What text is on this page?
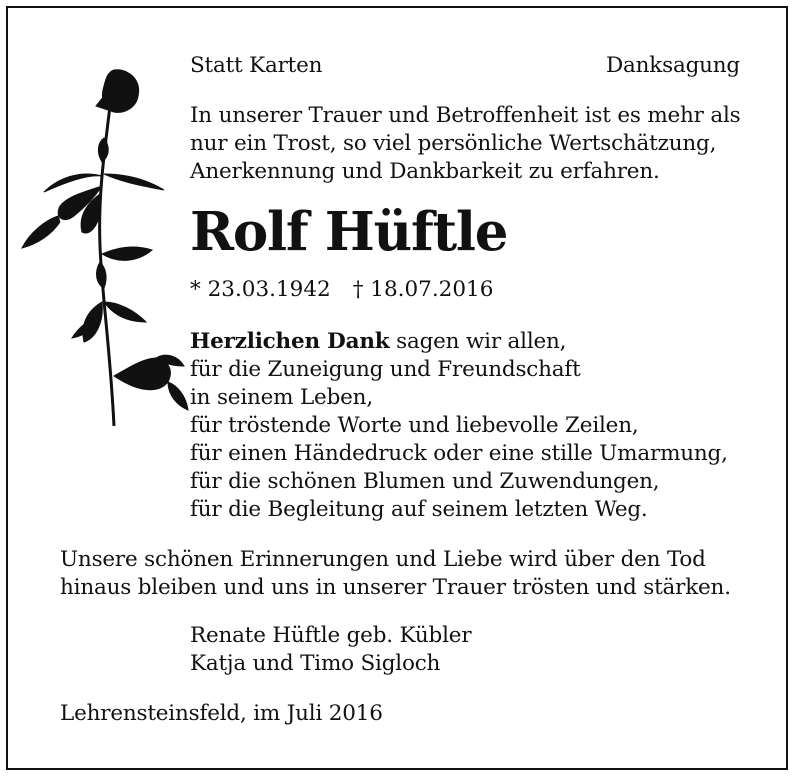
Statt Karten	Danksagung
In unserer Trauer und Betroffenheit ist es mehr als
nur ein Trost, so viel persönliche Wertschätzung,
Anerkennung und Dankbarkeit zu erfahren.
Rolf Hüftle
* 23.03.1942 † 18.07.2016
Herzlichen Dank sagen wir allen,
für die Zuneigung und Freundschaft
in seinem Leben,
für tröstende Worte und liebevolle Zeilen,
für einen Händedruck oder eine stille Umarmung,
für die schönen Blumen und Zuwendungen,
für die Begleitung auf seinem letzten Weg.
Unsere schönen Erinnerungen und Liebe wird über den Tod
hinaus bleiben und uns in unserer Trauer trösten und stärken.
Renate Hüftle geb. Kübler
Katja und Timo Sigloch
Lehrensteinsfeld, im Juli 2016
